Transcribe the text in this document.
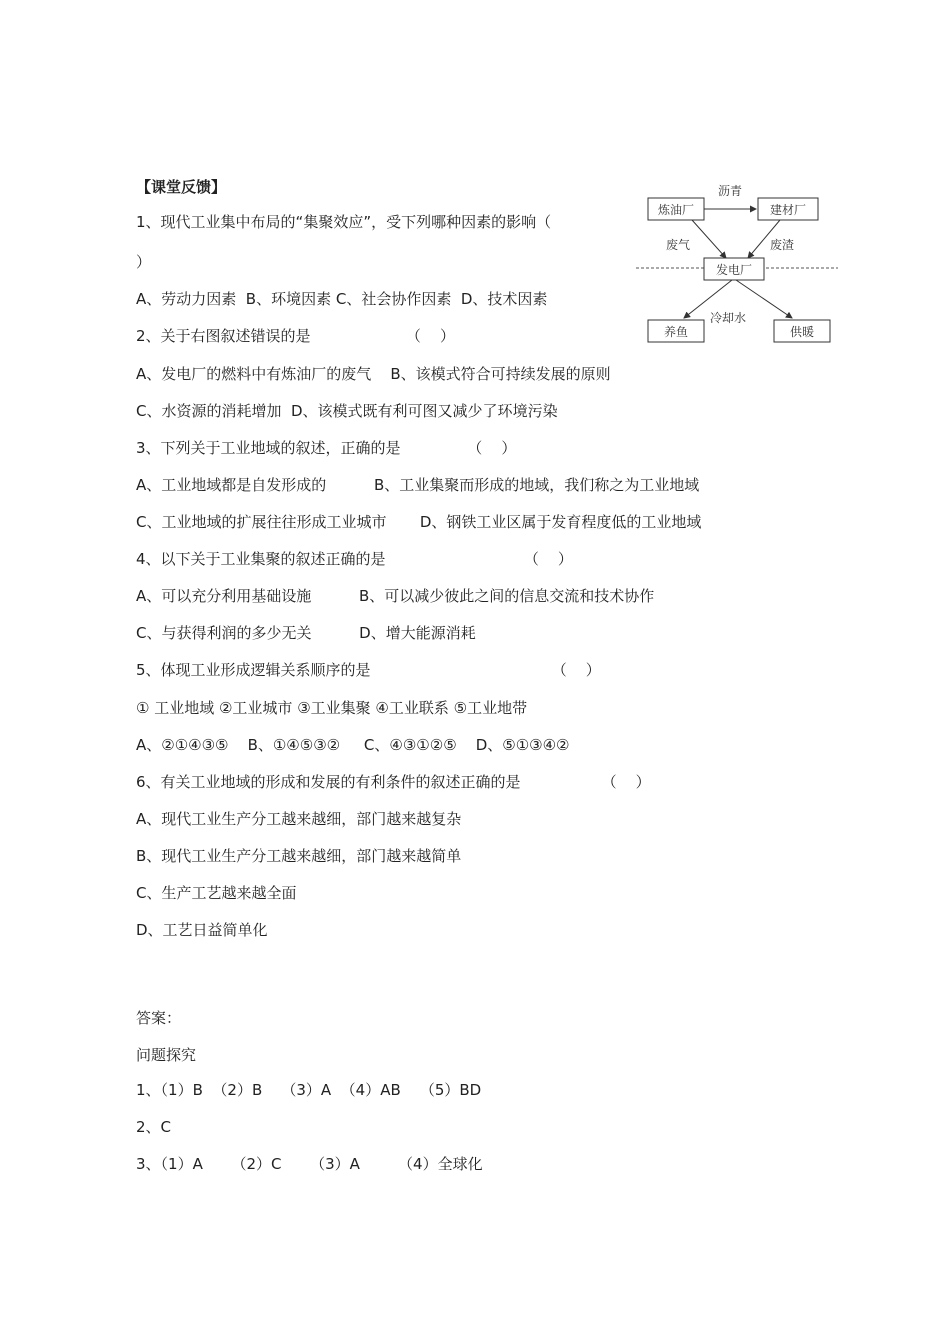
【课堂反馈】

1、现代工业集中布局的“集聚效应”，受下列哪种因素的影响（

）

A、劳动力因素  B、环境因素 C、社会协作因素  D、技术因素

2、关于右图叙述错误的是                    （    ）

A、发电厂的燃料中有炼油厂的废气    B、该模式符合可持续发展的原则

C、水资源的消耗增加  D、该模式既有利可图又减少了环境污染

3、下列关于工业地域的叙述，正确的是              （    ）

A、工业地域都是自发形成的          B、工业集聚而形成的地域，我们称之为工业地域

C、工业地域的扩展往往形成工业城市       D、钢铁工业区属于发育程度低的工业地域

4、以下关于工业集聚的叙述正确的是                             （    ）

A、可以充分利用基础设施          B、可以减少彼此之间的信息交流和技术协作

C、与获得利润的多少无关          D、增大能源消耗

5、体现工业形成逻辑关系顺序的是                                      （    ）

① 工业地域 ②工业城市 ③工业集聚 ④工业联系 ⑤工业地带

A、②①④③⑤    B、①④⑤③②     C、④③①②⑤    D、⑤①③④②

6、有关工业地域的形成和发展的有利条件的叙述正确的是                 （    ）

A、现代工业生产分工越来越细，部门越来越复杂

B、现代工业生产分工越来越细，部门越来越简单

C、生产工艺越来越全面

D、工艺日益简单化

答案：

问题探究

1、（1）B  （2）B    （3）A  （4）AB    （5）BD

2、C

3、（1）A      （2）C      （3）A        （4）全球化

炼油厂	建材厂
沥青
废气	废渣
发电厂
冷却水
养鱼	供暖
